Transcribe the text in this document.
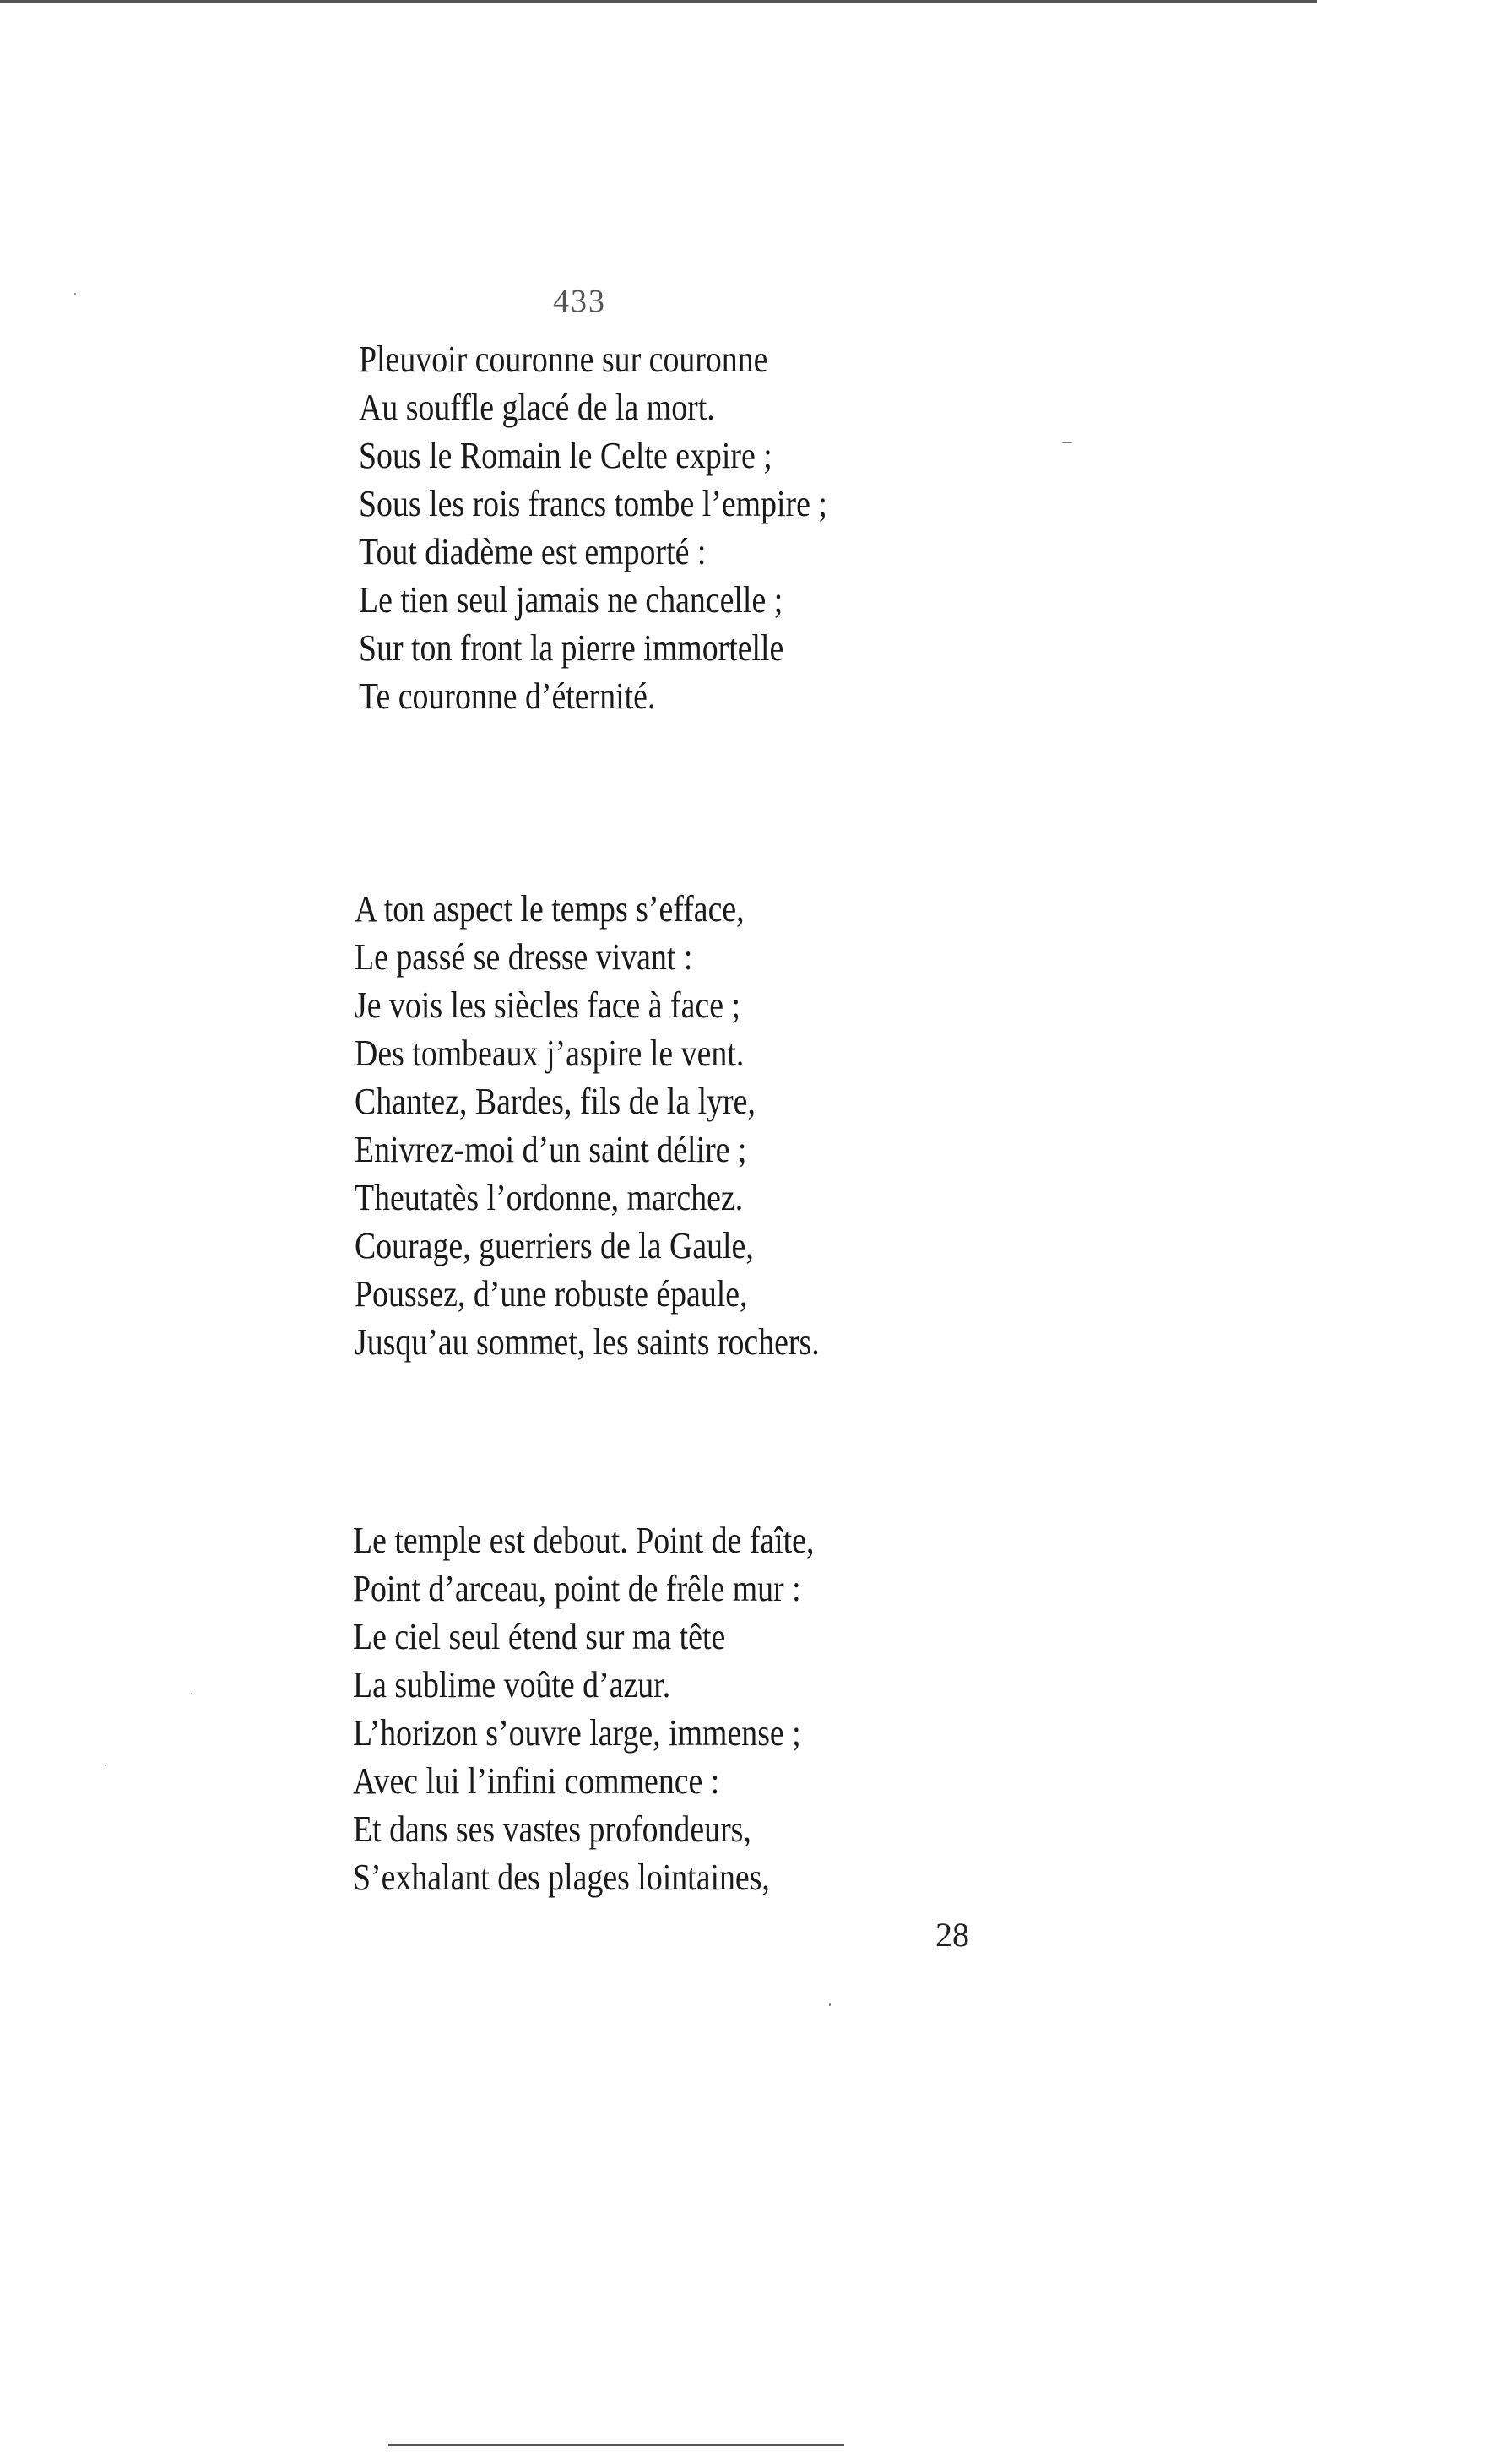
433
Pleuvoir couronne sur couronne
Au souffle glacé de la mort.
Sous le Romain le Celte expire ;
Sous les rois francs tombe l’empire ;
Tout diadème est emporté :
Le tien seul jamais ne chancelle ;
Sur ton front la pierre immortelle
Te couronne d’éternité.
A ton aspect le temps s’efface,
Le passé se dresse vivant :
Je vois les siècles face à face ;
Des tombeaux j’aspire le vent.
Chantez, Bardes, fils de la lyre,
Enivrez-moi d’un saint délire ;
Theutatès l’ordonne, marchez.
Courage, guerriers de la Gaule,
Poussez, d’une robuste épaule,
Jusqu’au sommet, les saints rochers.
Le temple est debout. Point de faîte,
Point d’arceau, point de frêle mur :
Le ciel seul étend sur ma tête
La sublime voûte d’azur.
L’horizon s’ouvre large, immense ;
Avec lui l’infini commence :
Et dans ses vastes profondeurs,
S’exhalant des plages lointaines,
28
